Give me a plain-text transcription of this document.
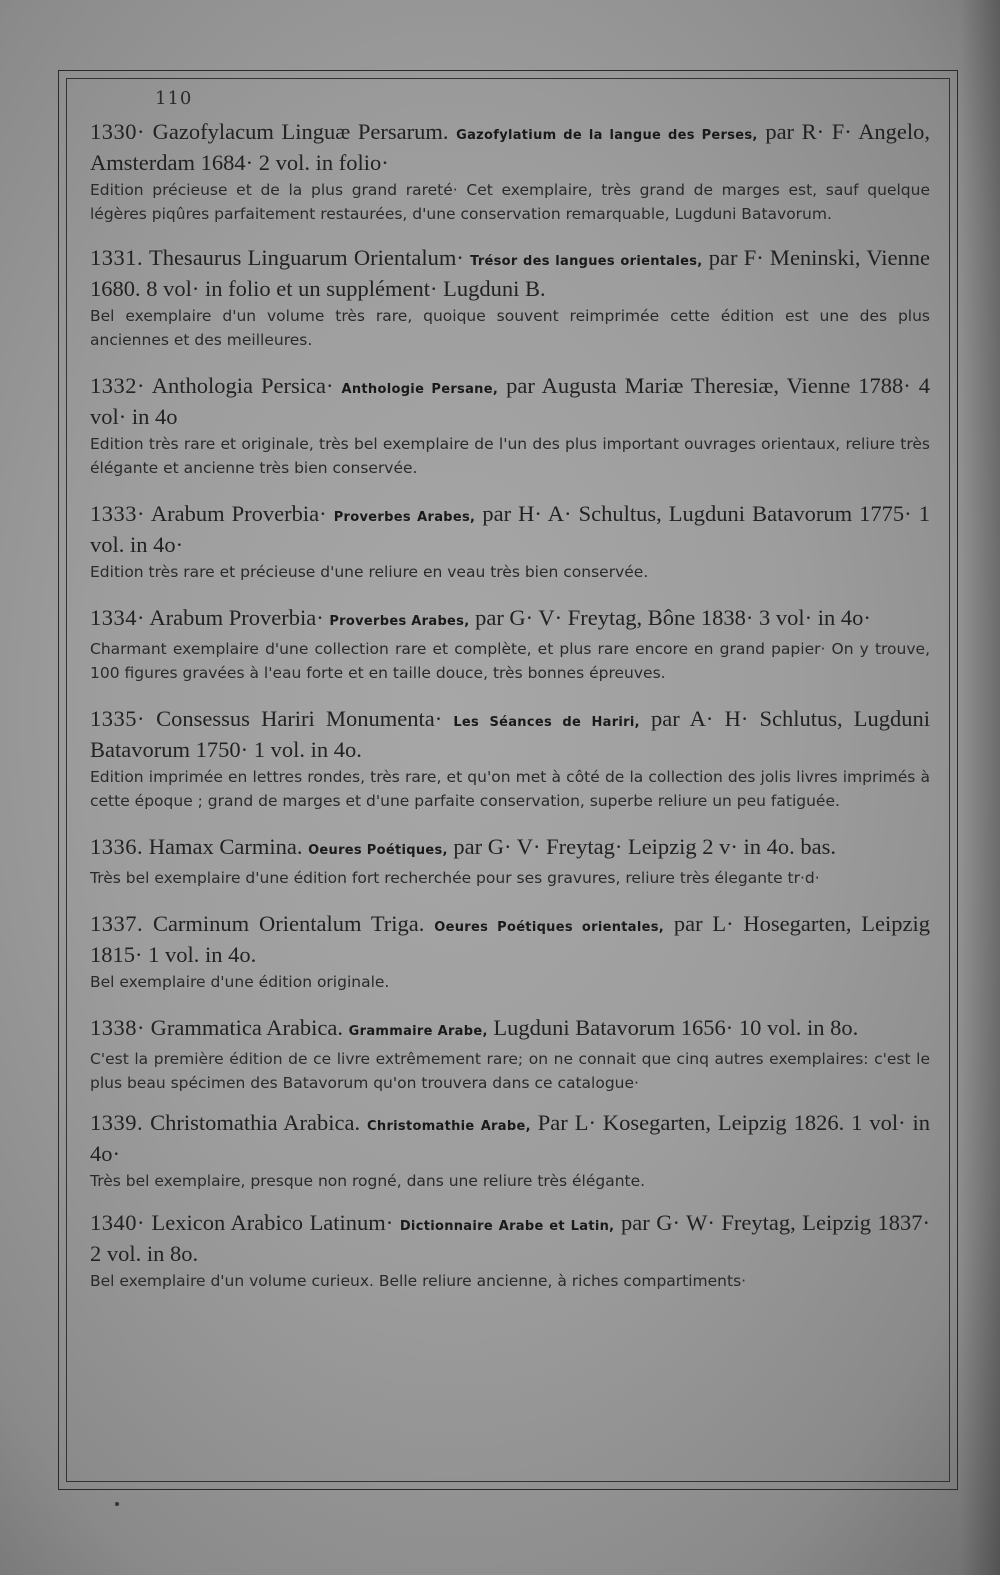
110

1330· Gazofylacum Linguæ Persarum. Gazofylatium de la langue des Perses, par R· F· Angelo, Amsterdam 1684· 2 vol. in folio·

Edition précieuse et de la plus grand rareté· Cet exemplaire, très grand de marges est, sauf quelque légères piqûres parfaitement restaurées, d'une conservation remarquable, Lugduni Batavorum.

1331. Thesaurus Linguarum Orientalum· Trésor des langues orientales, par F· Meninski, Vienne 1680. 8 vol· in folio et un supplément· Lugduni B.

Bel exemplaire d'un volume très rare, quoique souvent reimprimée cette édition est une des plus anciennes et des meilleures.

1332· Anthologia Persica· Anthologie Persane, par Augusta Mariæ Theresiæ, Vienne 1788· 4 vol· in 4o

Edition très rare et originale, très bel exemplaire de l'un des plus important ouvrages orientaux, reliure très élégante et ancienne très bien conservée.

1333· Arabum Proverbia· Proverbes Arabes, par H· A· Schultus, Lugduni Batavorum 1775· 1 vol. in 4o·

Edition très rare et précieuse d'une reliure en veau très bien conservée.

1334· Arabum Proverbia· Proverbes Arabes, par G· V· Freytag, Bône 1838· 3 vol· in 4o·

Charmant exemplaire d'une collection rare et complète, et plus rare encore en grand papier· On y trouve, 100 figures gravées à l'eau forte et en taille douce, très bonnes épreuves.

1335· Consessus Hariri Monumenta· Les Séances de Hariri, par A· H· Schlutus, Lugduni Batavorum 1750· 1 vol. in 4o.

Edition imprimée en lettres rondes, très rare, et qu'on met à côté de la collection des jolis livres imprimés à cette époque ; grand de marges et d'une parfaite conservation, superbe reliure un peu fatiguée.

1336. Hamax Carmina. Oeures Poétiques, par G· V· Freytag· Leipzig 2 v· in 4o. bas.

Très bel exemplaire d'une édition fort recherchée pour ses gravures, reliure très élegante tr·d·

1337. Carminum Orientalum Triga. Oeures Poétiques orientales, par L· Hosegarten, Leipzig 1815· 1 vol. in 4o.

Bel exemplaire d'une édition originale.

1338· Grammatica Arabica. Grammaire Arabe, Lugduni Batavorum 1656· 10 vol. in 8o.

C'est la première édition de ce livre extrêmement rare; on ne connait que cinq autres exemplaires: c'est le plus beau spécimen des Batavorum qu'on trouvera dans ce catalogue·

1339. Christomathia Arabica. Christomathie Arabe, Par L· Kosegarten, Leipzig 1826. 1 vol· in 4o·

Très bel exemplaire, presque non rogné, dans une reliure très élégante.

1340· Lexicon Arabico Latinum· Dictionnaire Arabe et Latin, par G· W· Freytag, Leipzig 1837· 2 vol. in 8o.

Bel exemplaire d'un volume curieux. Belle reliure ancienne, à riches compartiments·
